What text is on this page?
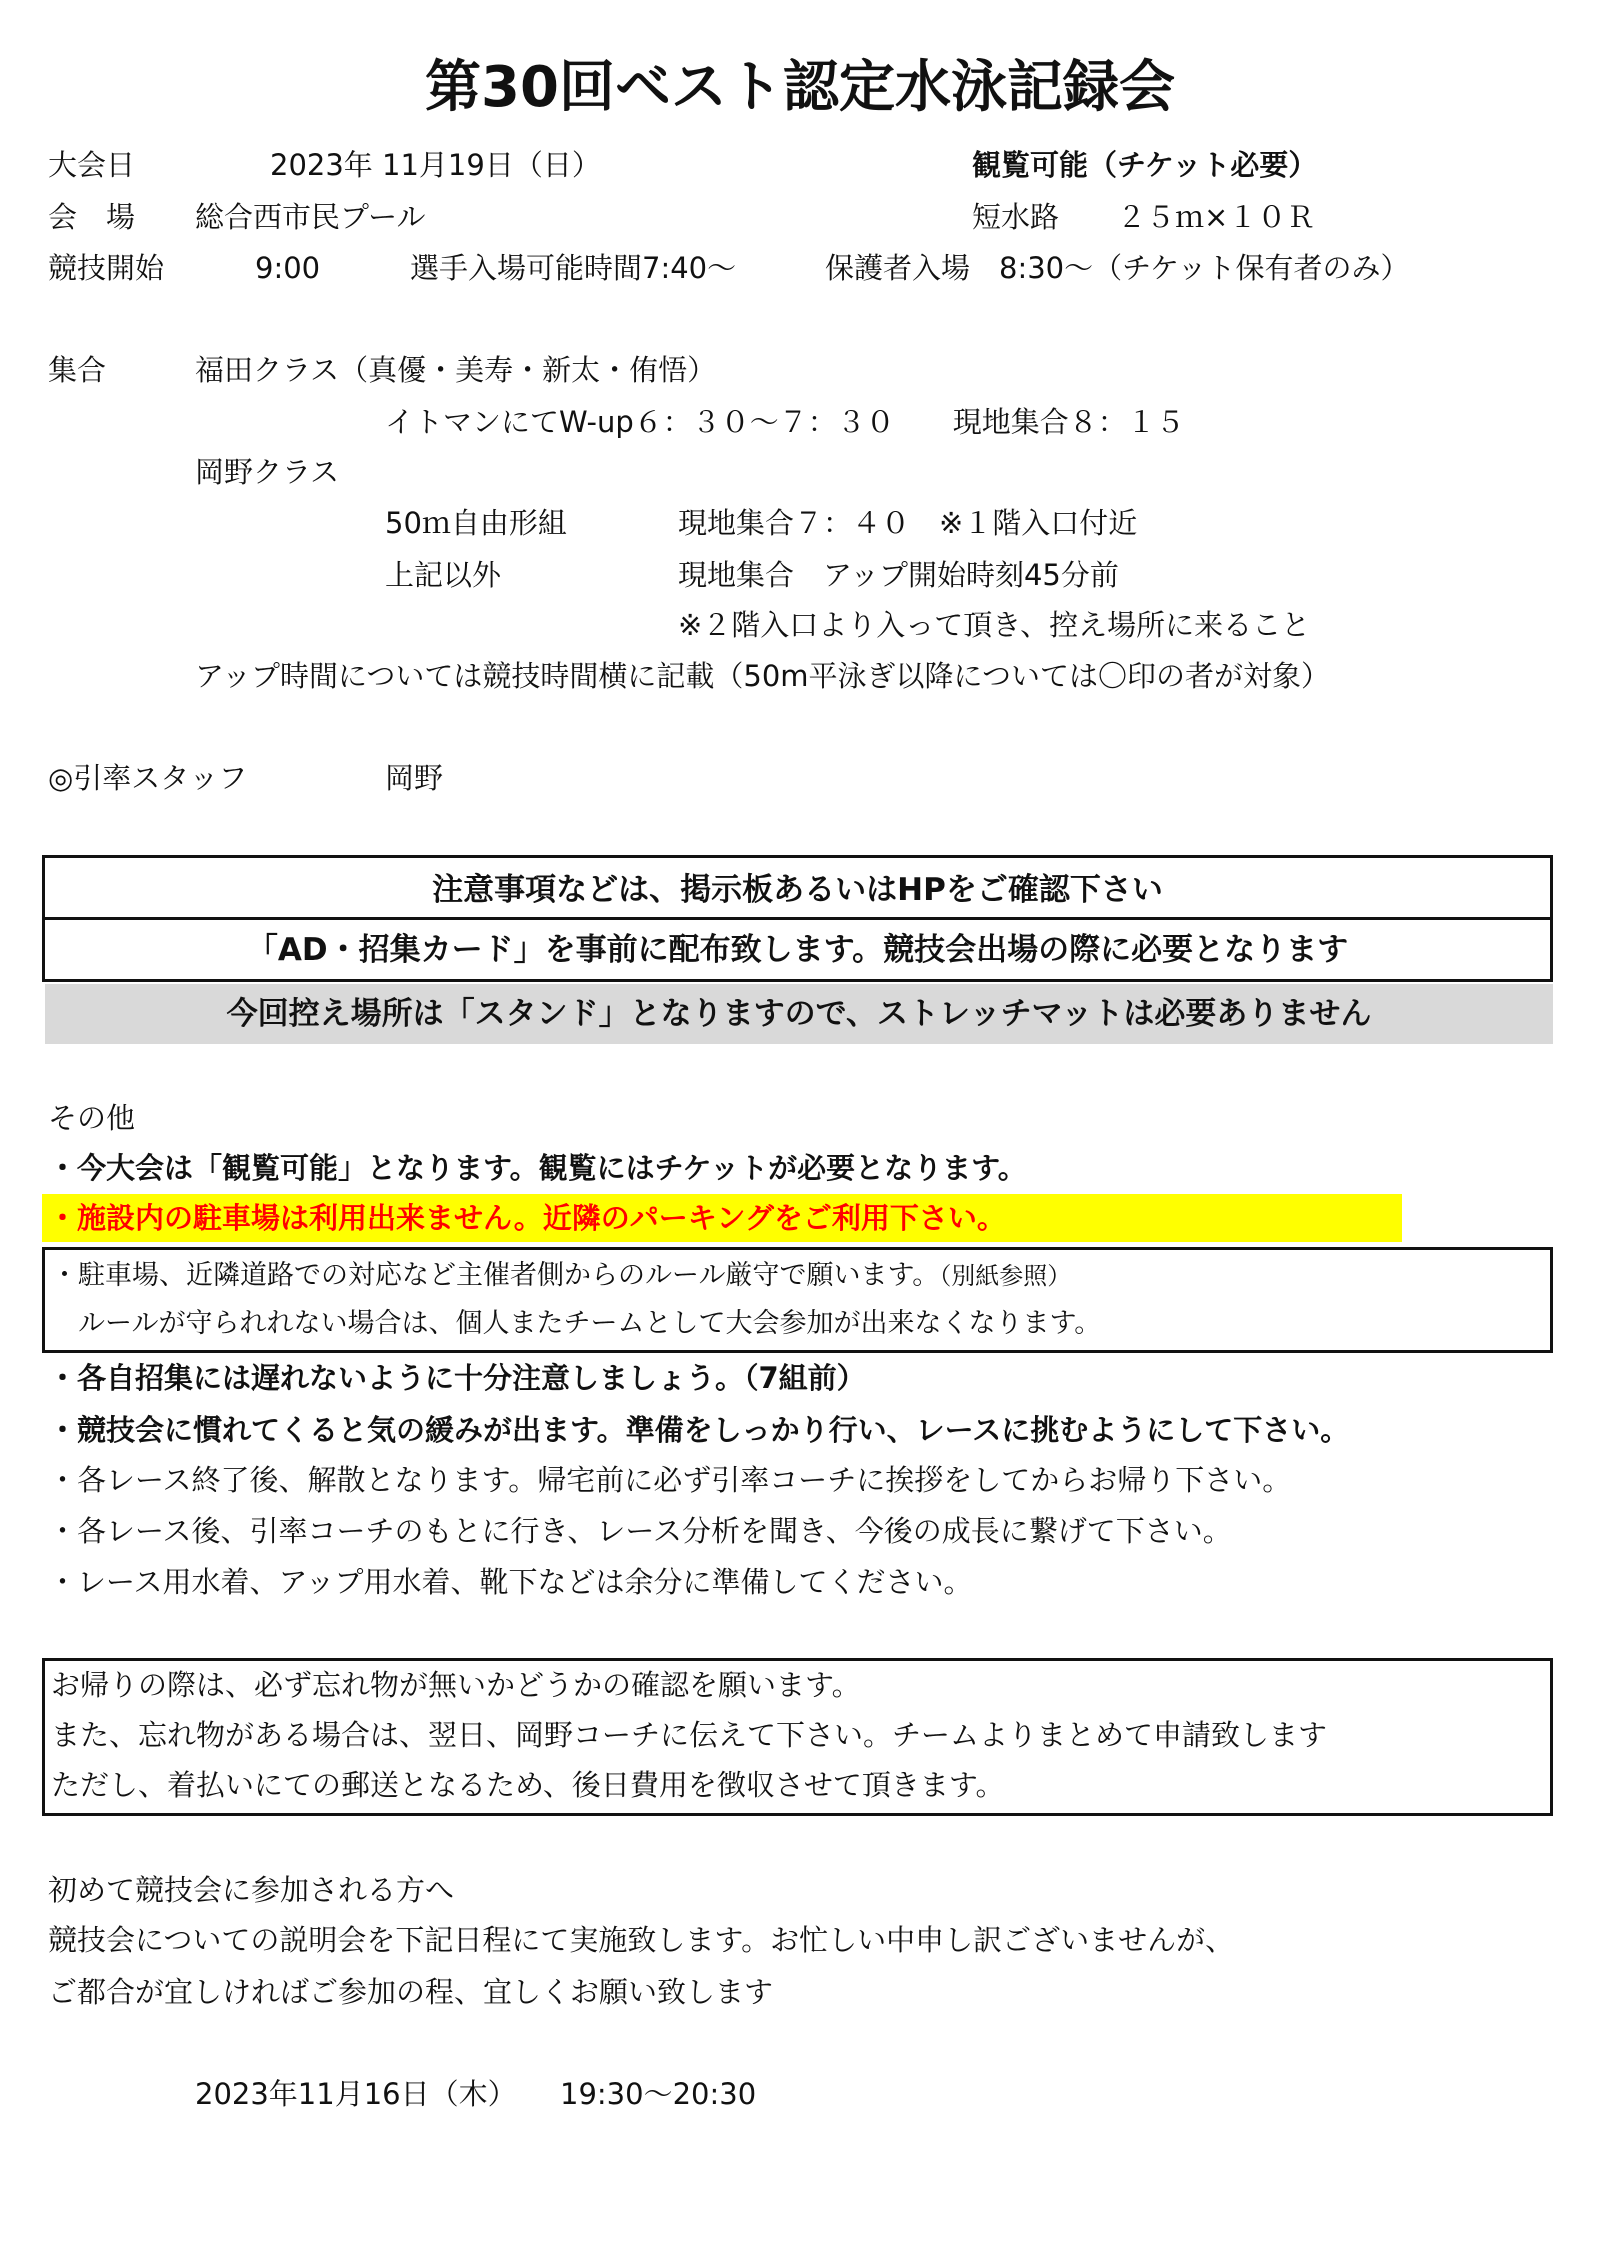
第30回ベスト認定水泳記録会
大会日	2023年 11月19日（日）	観覧可能（チケット必要）
会　場 総合西市民プール	短水路　　２５ｍ×１０Ｒ
競技開始	9:00	選手入場可能時間7:40～	保護者入場　8:30～（チケット保有者のみ）
集合	福田クラス（真優・美寿・新太・侑悟）
イトマンにてW-up６：３０～７：３０　　現地集合８：１５
岡野クラス
50ｍ自由形組	現地集合７：４０　※１階入口付近
上記以外	現地集合　アップ開始時刻45分前
※２階入口より入って頂き、控え場所に来ること
アップ時間については競技時間横に記載（50m平泳ぎ以降については〇印の者が対象）
◎引率スタッフ	岡野
注意事項などは、掲示板あるいはHPをご確認下さい
「AD・招集カード」を事前に配布致します。競技会出場の際に必要となります
今回控え場所は「スタンド」となりますので、ストレッチマットは必要ありません
その他
・今大会は「観覧可能」となります。観覧にはチケットが必要となります。
・施設内の駐車場は利用出来ません。近隣のパーキングをご利用下さい。
・駐車場、近隣道路での対応など主催者側からのルール厳守で願います。（別紙参照）
　ルールが守られれない場合は、個人またチームとして大会参加が出来なくなります。
・各自招集には遅れないように十分注意しましょう。（7組前）
・競技会に慣れてくると気の緩みが出ます。準備をしっかり行い、レースに挑むようにして下さい。
・各レース終了後、解散となります。帰宅前に必ず引率コーチに挨拶をしてからお帰り下さい。
・各レース後、引率コーチのもとに行き、レース分析を聞き、今後の成長に繋げて下さい。
・レース用水着、アップ用水着、靴下などは余分に準備してください。
お帰りの際は、必ず忘れ物が無いかどうかの確認を願います。
また、忘れ物がある場合は、翌日、岡野コーチに伝えて下さい。チームよりまとめて申請致します
ただし、着払いにての郵送となるため、後日費用を徴収させて頂きます。
初めて競技会に参加される方へ
競技会についての説明会を下記日程にて実施致します。お忙しい中申し訳ございませんが、
ご都合が宜しければご参加の程、宜しくお願い致します
2023年11月16日（木） 19:30～20:30
